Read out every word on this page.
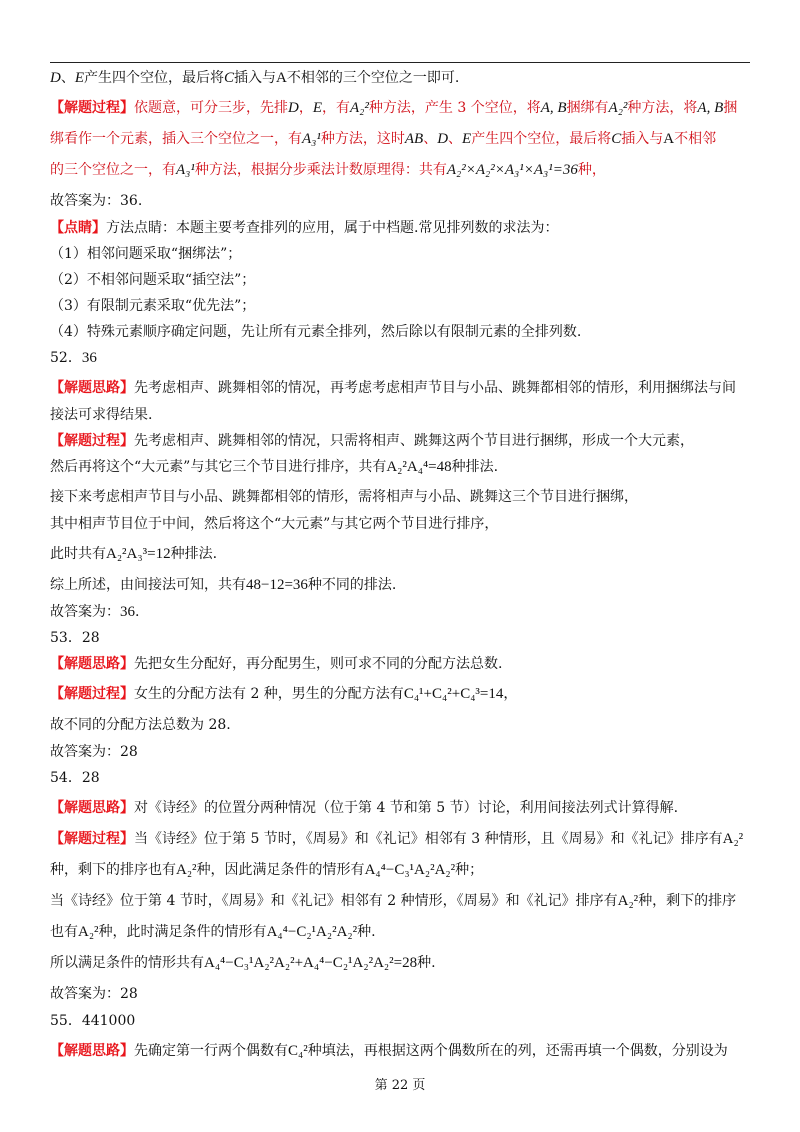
D、E产生四个空位，最后将C插入与A不相邻的三个空位之一即可.
【解题过程】依题意，可分三步，先排D，E，有A₂²种方法，产生 3 个空位，将A, B捆绑有A₂²种方法，将A, B捆
绑看作一个元素，插入三个空位之一，有A₃¹种方法，这时AB、D、E产生四个空位，最后将C插入与A不相邻
的三个空位之一，有A₃¹种方法，根据分步乘法计数原理得：共有A₂²×A₂²×A₃¹×A₃¹=36种，
故答案为：36.
【点睛】方法点睛：本题主要考查排列的应用，属于中档题.常见排列数的求法为：
（1）相邻问题采取“捆绑法”；
（2）不相邻问题采取“插空法”；
（3）有限制元素采取“优先法”；
（4）特殊元素顺序确定问题，先让所有元素全排列，然后除以有限制元素的全排列数.
52．36
【解题思路】先考虑相声、跳舞相邻的情况，再考虑考虑相声节目与小品、跳舞都相邻的情形，利用捆绑法与间
接法可求得结果.
【解题过程】先考虑相声、跳舞相邻的情况，只需将相声、跳舞这两个节目进行捆绑，形成一个大元素，
然后再将这个“大元素”与其它三个节目进行排序，共有A₂²A₄⁴=48种排法.
接下来考虑相声节目与小品、跳舞都相邻的情形，需将相声与小品、跳舞这三个节目进行捆绑，
其中相声节目位于中间，然后将这个“大元素”与其它两个节目进行排序，
此时共有A₂²A₃³=12种排法.
综上所述，由间接法可知，共有48−12=36种不同的排法.
故答案为：36.
53．28
【解题思路】先把女生分配好，再分配男生，则可求不同的分配方法总数.
【解题过程】女生的分配方法有 2 种，男生的分配方法有C₄¹+C₄²+C₄³=14，
故不同的分配方法总数为 28.
故答案为：28
54．28
【解题思路】对《诗经》的位置分两种情况（位于第 4 节和第 5 节）讨论，利用间接法列式计算得解.
【解题过程】当《诗经》位于第 5 节时，《周易》和《礼记》相邻有 3 种情形，且《周易》和《礼记》排序有A₂²
种，剩下的排序也有A₂²种，因此满足条件的情形有A₄⁴−C₃¹A₂²A₂²种；
当《诗经》位于第 4 节时，《周易》和《礼记》相邻有 2 种情形，《周易》和《礼记》排序有A₂²种，剩下的排序
也有A₂²种，此时满足条件的情形有A₄⁴−C₂¹A₂²A₂²种.
所以满足条件的情形共有A₄⁴−C₃¹A₂²A₂²+A₄⁴−C₂¹A₂²A₂²=28种.
故答案为：28
55．441000
【解题思路】先确定第一行两个偶数有C₄²种填法，再根据这两个偶数所在的列，还需再填一个偶数，分别设为
第 22 页
